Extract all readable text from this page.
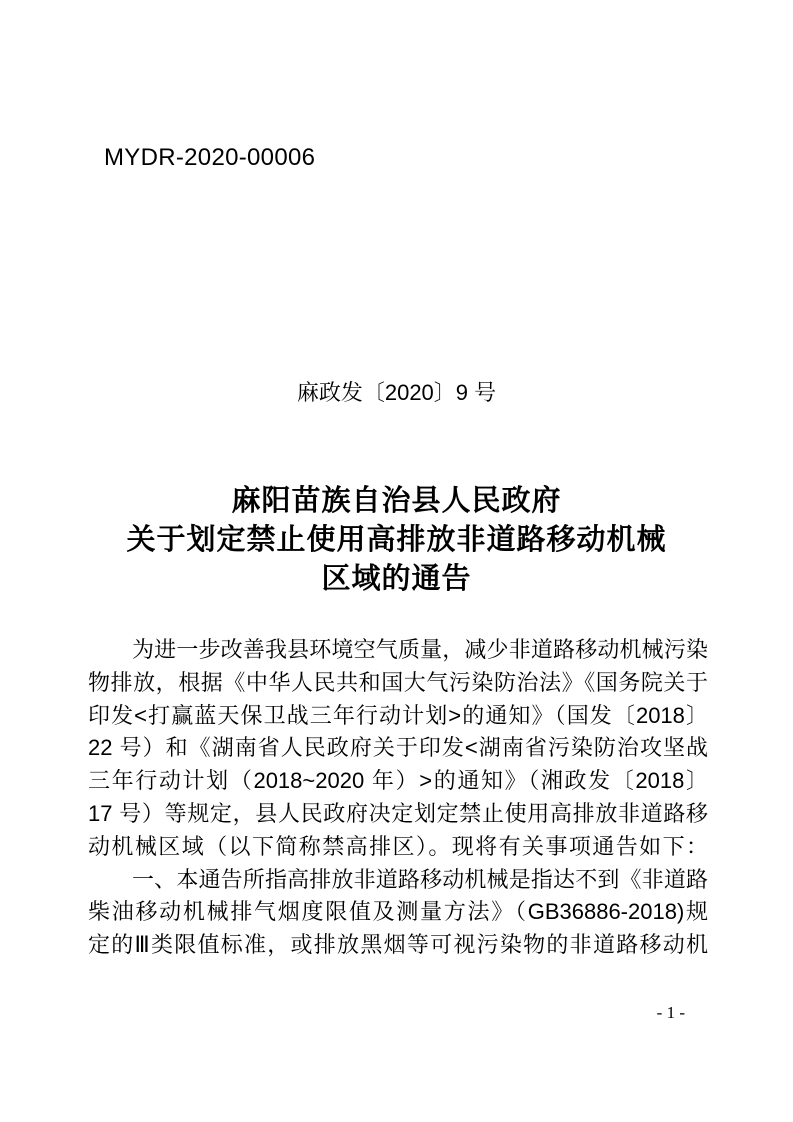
MYDR-2020-00006
麻政发〔2020〕9 号
麻阳苗族自治县人民政府
关于划定禁止使用高排放非道路移动机械
区域的通告
为进一步改善我县环境空气质量，减少非道路移动机械污染
物排放，根据《中华人民共和国大气污染防治法》《国务院关于
印发<打赢蓝天保卫战三年行动计划>的通知》（国发〔2018〕
22 号）和《湖南省人民政府关于印发<湖南省污染防治攻坚战
三年行动计划（2018~2020 年）>的通知》（湘政发〔2018〕
17 号）等规定，县人民政府决定划定禁止使用高排放非道路移
动机械区域（以下简称禁高排区）。现将有关事项通告如下：
一、本通告所指高排放非道路移动机械是指达不到《非道路
柴油移动机械排气烟度限值及测量方法》（GB36886-2018)规
定的Ⅲ类限值标准，或排放黑烟等可视污染物的非道路移动机
- 1 -
